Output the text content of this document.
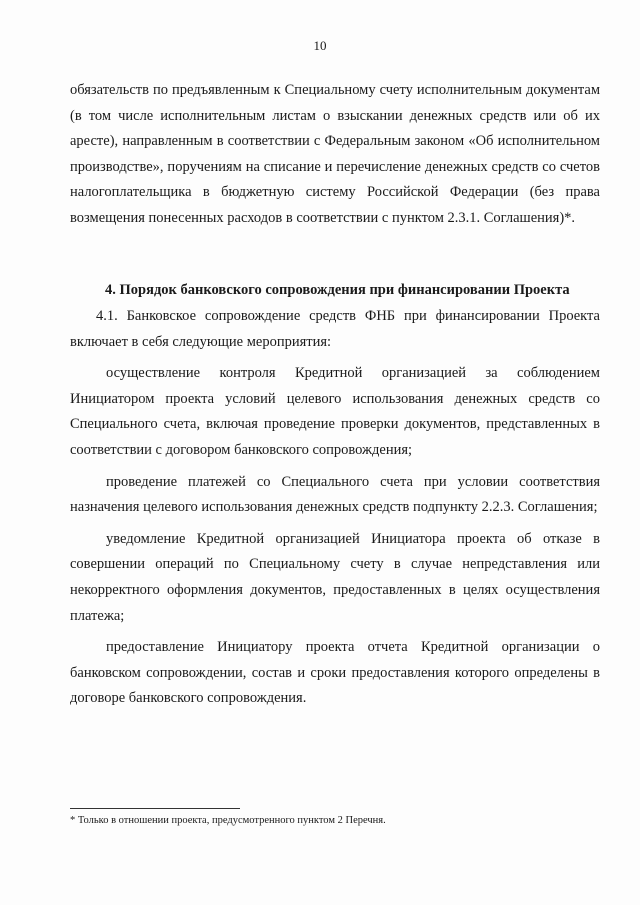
10

обязательств по предъявленным к Специальному счету исполнительным документам (в том числе исполнительным листам о взыскании денежных средств или об их аресте), направленным в соответствии с Федеральным законом «Об исполнительном производстве», поручениям на списание и перечисление денежных средств со счетов налогоплательщика в бюджетную систему Российской Федерации (без права возмещения понесенных расходов в соответствии с пунктом 2.3.1. Соглашения)*.

4. Порядок банковского сопровождения при финансировании Проекта

4.1. Банковское сопровождение средств ФНБ при финансировании Проекта включает в себя следующие мероприятия:

осуществление контроля Кредитной организацией за соблюдением Инициатором проекта условий целевого использования денежных средств со Специального счета, включая проведение проверки документов, представленных в соответствии с договором банковского сопровождения;

проведение платежей со Специального счета при условии соответствия назначения целевого использования денежных средств подпункту 2.2.3. Соглашения;

уведомление Кредитной организацией Инициатора проекта об отказе в совершении операций по Специальному счету в случае непредставления или некорректного оформления документов, предоставленных в целях осуществления платежа;

предоставление Инициатору проекта отчета Кредитной организации о банковском сопровождении, состав и сроки предоставления которого определены в договоре банковского сопровождения.

* Только в отношении проекта, предусмотренного пунктом 2 Перечня.
